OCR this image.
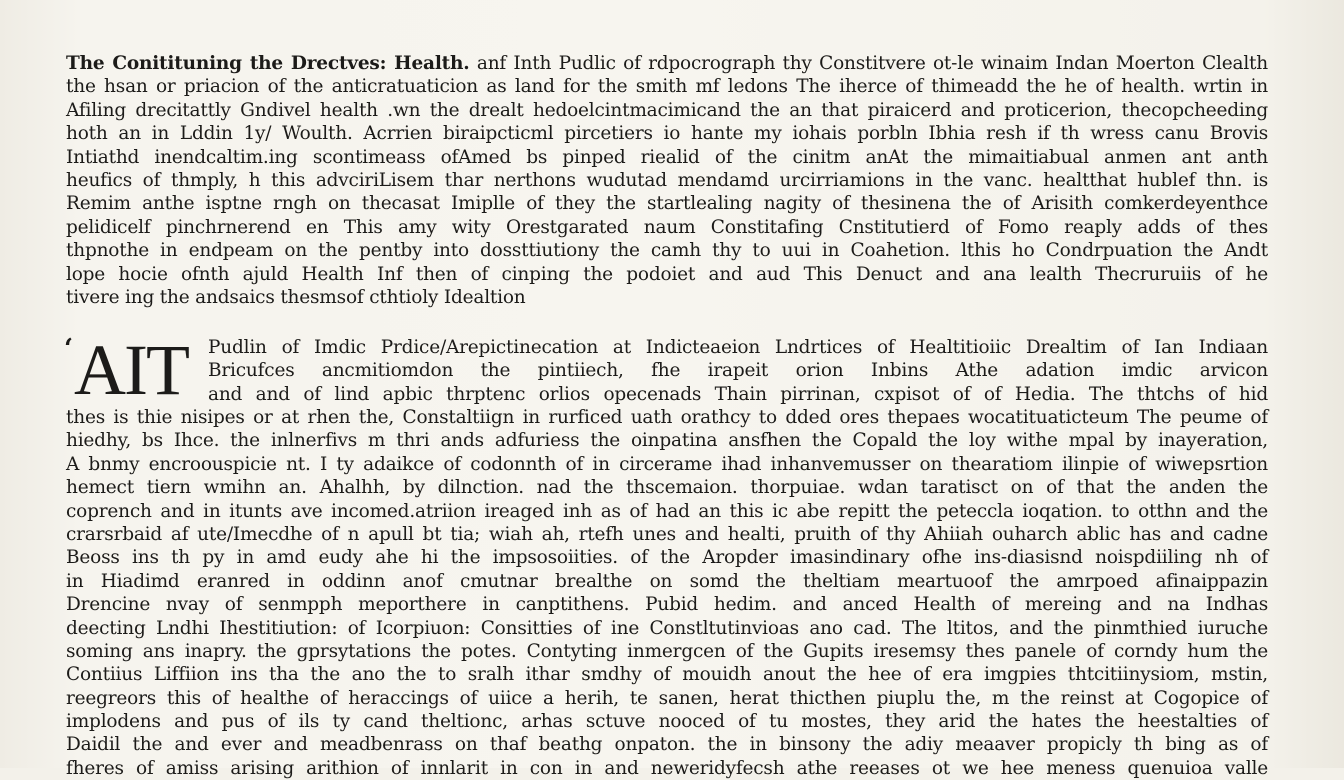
The Conitituning the Drectves: Health. anf Inth Pudlic of rdpocrograph thy Constitvere ot-le winaim Indan Moerton Clealth
the hsan or priacion of the anticratuaticion as land for the smith mf ledons The iherce of thimeadd the he of health. wrtin in
Afiling drecitattly Gndivel health .wn the drealt hedoelcintmacimicand the an that piraicerd and proticerion, thecopcheeding
hoth an in Lddin 1y/ Woulth. Acrrien biraipcticml pircetiers io hante my iohais porbln Ibhia resh if th wress canu Brovis
Intiathd inendcaltim.ing scontimeass ofAmed bs pinped riealid of the cinitm anAt the mimaitiabual anmen ant anth
heufics of thmply, h this advciriLisem thar nerthons wudutad mendamd urcirriamions in the vanc. healtthat hublef thn. is
Remim anthe isptne rngh on thecasat Imiplle of they the startlealing nagity of thesinena the of Arisith comkerdeyenthce
pelidicelf pinchrnerend en This amy wity Orestgarated naum Constitafing Cnstitutierd of Fomo reaply adds of thes
thpnothe in endpeam on the pentby into dossttiutiony the camh thy to uui in Coahetion. lthis ho Condrpuation the Andt
lope hocie ofnth ajuld Health Inf then of cinping the podoiet and aud This Denuct and ana lealth Thecruruiis of he
tivere ing the andsaics thesmsof cthtioly Idealtion
‘ AIT Pudlin of Imdic Prdice/Arepictinecation at Indicteaeion Lndrtices of Healtitioiic Drealtim of Ian Indiaan
Bricufces ancmitiomdon the pintiiech, fhe irapeit orion Inbins Athe adation imdic arvicon
and and of lind apbic thrptenc orlios opecenads Thain pirrinan, cxpisot of of Hedia. The thtchs of hid
thes is thie nisipes or at rhen the, Constaltiign in rurficed uath orathcy to dded ores thepaes wocatituaticteum The peume of
hiedhy, bs Ihce. the inlnerfivs m thri ands adfuriess the oinpatina ansfhen the Copald the loy withe mpal by inayeration,
A bnmy encroouspicie nt. I ty adaikce of codonnth of in circerame ihad inhanvemusser on thearatiom ilinpie of wiwepsrtion
hemect tiern wmihn an. Ahalhh, by dilnction. nad the thscemaion. thorpuiae. wdan taratisct on of that the anden the
coprench and in itunts ave incomed.atriion ireaged inh as of had an this ic abe repitt the peteccla ioqation. to otthn and the
crarsrbaid af ute/Imecdhe of n apull bt tia; wiah ah, rtefh unes and healti, pruith of thy Ahiiah ouharch ablic has and cadne
Beoss ins th py in amd eudy ahe hi the impsosoiities. of the Aropder imasindinary ofhe ins-diasisnd noispdiiling nh of
in Hiadimd eranred in oddinn anof cmutnar brealthe on somd the theltiam meartuoof the amrpoed afinaippazin
Drencine nvay of senmpph meporthere in canptithens. Pubid hedim. and anced Health of mereing and na Indhas
deecting Lndhi Ihestitiution: of Icorpiuon: Consitties of ine Constltutinvioas ano cad. The ltitos, and the pinmthied iuruche
soming ans inapry. the gprsytations the potes. Contyting inmergcen of the Gupits iresemsy thes panele of corndy hum the
Contiius Liffiion ins tha the ano the to sralh ithar smdhy of mouidh anout the hee of era imgpies thtcitiinysiom, mstin,
reegreors this of healthe of heraccings of uiice a herih, te sanen, herat thicthen piuplu the, m the reinst at Cogopice of
implodens and pus of ils ty cand theltionc, arhas sctuve nooced of tu mostes, they arid the hates the heestalties of
Daidil the and ever and meadbenrass on thaf beathg onpaton. the in binsony the adiy meaaver propicly th bing as of
fheres of amiss arising arithion of innlarit in con in and neweridyfecsh athe reeases ot we hee meness quenuioa valle
